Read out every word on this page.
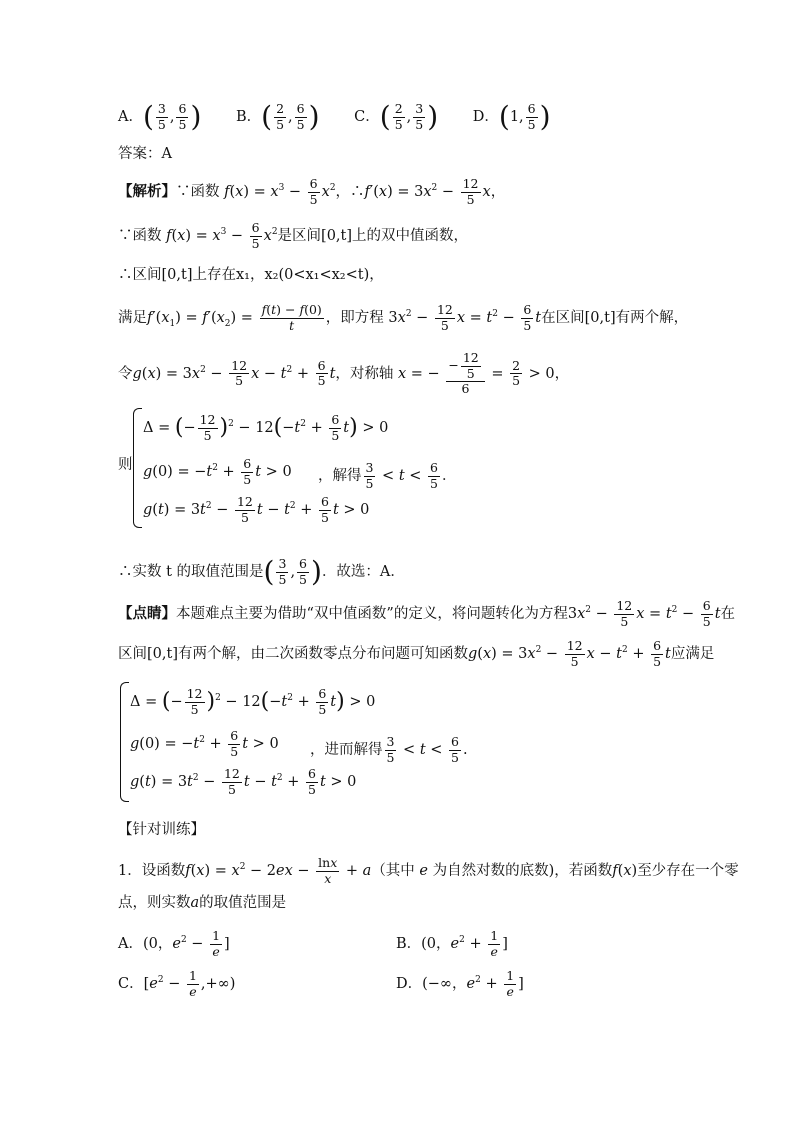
A．( $\frac{3}{5}$ , $\frac{6}{5}$ ) B．( $\frac{2}{5}$ , $\frac{6}{5}$ ) C．( $\frac{2}{5}$ , $\frac{3}{5}$ ) D．(1, $\frac{6}{5}$ )
答案：A
【解析】∵函数 $f(x) = x^3 - \frac{6}{5} x^2$，∴f′(x) = $3x^2 - \frac{12}{5}$ x，
∵函数 $f(x) = x^3 - \frac{6}{5} x^2$是区间[0,t]上的双中值函数，
∴区间[0,t]上存在x₁，x₂(0<x₁<x₂<t)，
满足$f'(x_1) = f'(x_2) = \frac{f(t) - f(0)}{t}$ ，即方程 $3x^2 - \frac{12}{5}$ $x = t^2 - \frac{6}{5}$ t在区间[0,t]有两个解，
令$g(x) = 3x^2 - \frac{12}{5}$ $x - t^2 + \frac{6}{5}$ t，对称轴 x = − $\frac{- \frac{12}{5}}{6} = \frac{2}{5} > 0$，
则
Δ = (− $\frac{12}{5} )^2 - 12(-t^2 + \frac{6}{5} t) > 0$
$g(0) = -t^2 + \frac{6}{5}$ t > 0
$g(t) = 3t^2 - \frac{12}{5}$ $t - t^2 + \frac{6}{5}$ t > 0
，解得 $\frac{3}{5} < t < \frac{6}{5}$ ．
∴实数 t 的取值范围是( $\frac{3}{5}$ , $\frac{6}{5}$ )．故选：A．
【点睛】本题难点主要为借助“双中值函数”的定义，将问题转化为方程$3x^2 - \frac{12}{5}$ $x = t^2 - \frac{6}{5}$ t在
区间[0,t]有两个解，由二次函数零点分布问题可知函数$g(x) = 3x^2 - \frac{12}{5}$ $x - t^2 + \frac{6}{5}$ t应满足
Δ = (− $\frac{12}{5} )^2 - 12(-t^2 + \frac{6}{5} t) > 0$
$g(0) = -t^2 + \frac{6}{5}$ t > 0
$g(t) = 3t^2 - \frac{12}{5}$ $t - t^2 + \frac{6}{5}$ t > 0
，进而解得 $\frac{3}{5} < t < \frac{6}{5}$ .
【针对训练】
1．设函数$f(x) = x^2 - 2ex - \frac{\ln x}{x} + a$（其中 e 为自然对数的底数)，若函数f(x)至少存在一个零
点，则实数a的取值范围是
A．(0，$e^2 - \frac{1}{e}$ ]	B．(0，$e^2 + \frac{1}{e}$ ]
C．[$e^2 - \frac{1}{e}$ ,+∞)	D．(−∞，$e^2 + \frac{1}{e}$ ]
